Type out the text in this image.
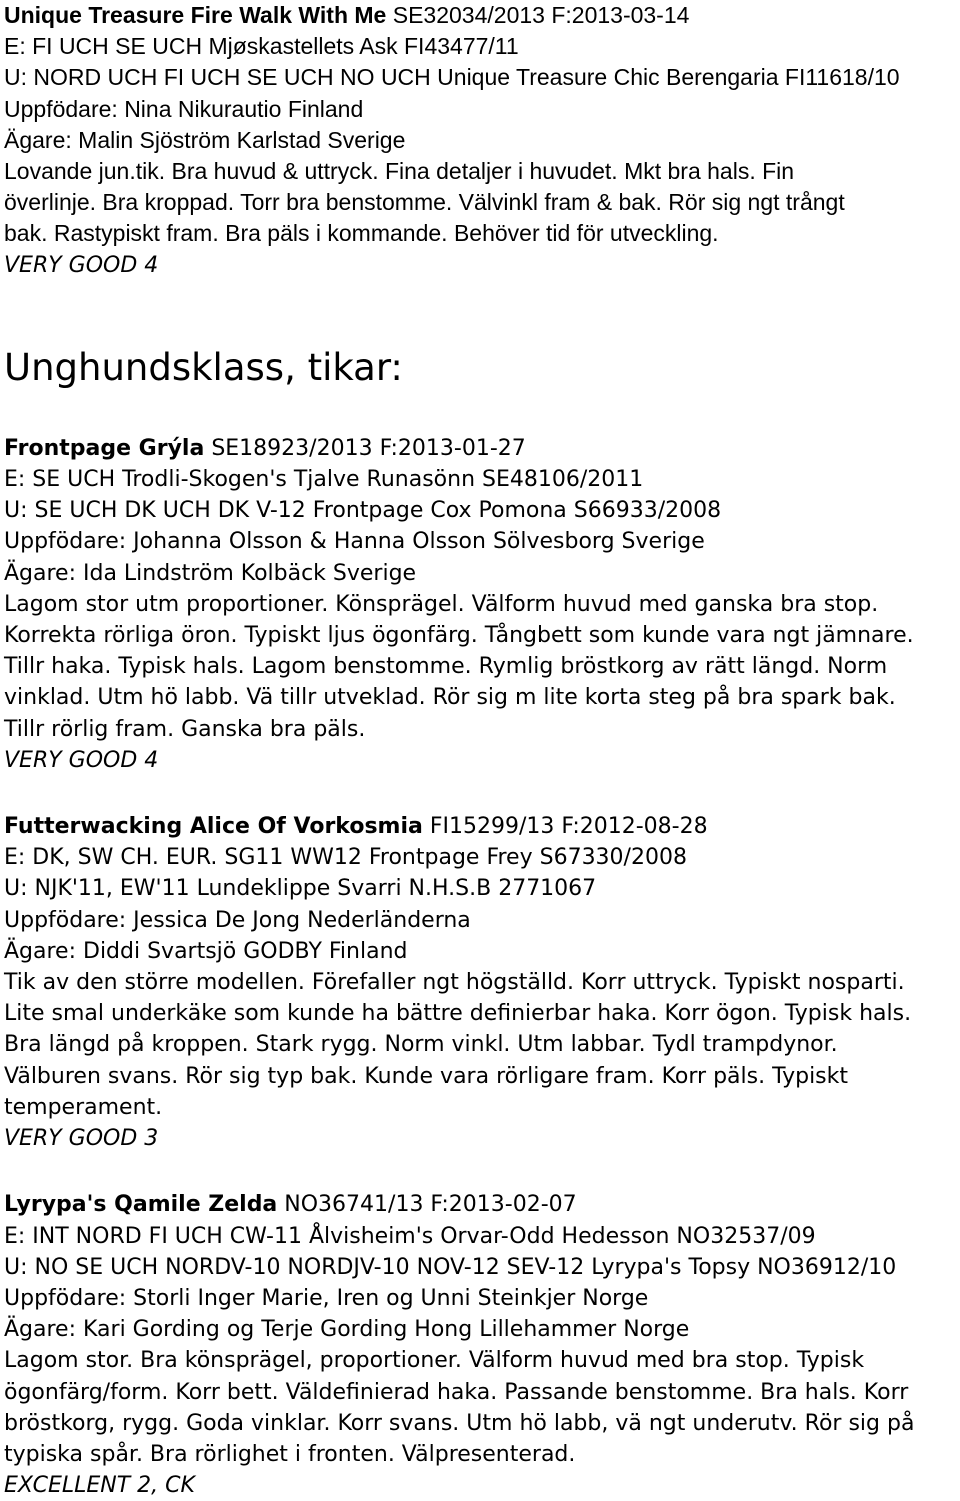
Unique Treasure Fire Walk With Me SE32034/2013 F:2013-03-14
E: FI UCH SE UCH Mjøskastellets Ask FI43477/11
U: NORD UCH FI UCH SE UCH NO UCH Unique Treasure Chic Berengaria FI11618/10
Uppfödare: Nina Nikurautio Finland
Ägare: Malin Sjöström Karlstad Sverige
Lovande jun.tik. Bra huvud & uttryck. Fina detaljer i huvudet. Mkt bra hals. Fin
överlinje. Bra kroppad. Torr bra benstomme. Välvinkl fram & bak. Rör sig ngt trångt
bak. Rastypiskt fram. Bra päls i kommande. Behöver tid för utveckling.
VERY GOOD 4
Unghundsklass, tikar:
Frontpage Grýla SE18923/2013 F:2013-01-27
E: SE UCH Trodli-Skogen's Tjalve Runasönn SE48106/2011
U: SE UCH DK UCH DK V-12 Frontpage Cox Pomona S66933/2008
Uppfödare: Johanna Olsson & Hanna Olsson Sölvesborg Sverige
Ägare: Ida Lindström Kolbäck Sverige
Lagom stor utm proportioner. Könsprägel. Välform huvud med ganska bra stop.
Korrekta rörliga öron. Typiskt ljus ögonfärg. Tångbett som kunde vara ngt jämnare.
Tillr haka. Typisk hals. Lagom benstomme. Rymlig bröstkorg av rätt längd. Norm
vinklad. Utm hö labb. Vä tillr utveklad. Rör sig m lite korta steg på bra spark bak.
Tillr rörlig fram. Ganska bra päls.
VERY GOOD 4
Futterwacking Alice Of Vorkosmia FI15299/13 F:2012-08-28
E: DK, SW CH. EUR. SG11 WW12 Frontpage Frey S67330/2008
U: NJK'11, EW'11 Lundeklippe Svarri N.H.S.B 2771067
Uppfödare: Jessica De Jong Nederländerna
Ägare: Diddi Svartsjö GODBY Finland
Tik av den större modellen. Förefaller ngt högställd. Korr uttryck. Typiskt nosparti.
Lite smal underkäke som kunde ha bättre definierbar haka. Korr ögon. Typisk hals.
Bra längd på kroppen. Stark rygg. Norm vinkl. Utm labbar. Tydl trampdynor.
Välburen svans. Rör sig typ bak. Kunde vara rörligare fram. Korr päls. Typiskt
temperament.
VERY GOOD 3
Lyrypa's Qamile Zelda NO36741/13 F:2013-02-07
E: INT NORD FI UCH CW-11 Ålvisheim's Orvar-Odd Hedesson NO32537/09
U: NO SE UCH NORDV-10 NORDJV-10 NOV-12 SEV-12 Lyrypa's Topsy NO36912/10
Uppfödare: Storli Inger Marie, Iren og Unni Steinkjer Norge
Ägare: Kari Gording og Terje Gording Hong Lillehammer Norge
Lagom stor. Bra könsprägel, proportioner. Välform huvud med bra stop. Typisk
ögonfärg/form. Korr bett. Väldefinierad haka. Passande benstomme. Bra hals. Korr
bröstkorg, rygg. Goda vinklar. Korr svans. Utm hö labb, vä ngt underutv. Rör sig på
typiska spår. Bra rörlighet i fronten. Välpresenterad.
EXCELLENT 2, CK
